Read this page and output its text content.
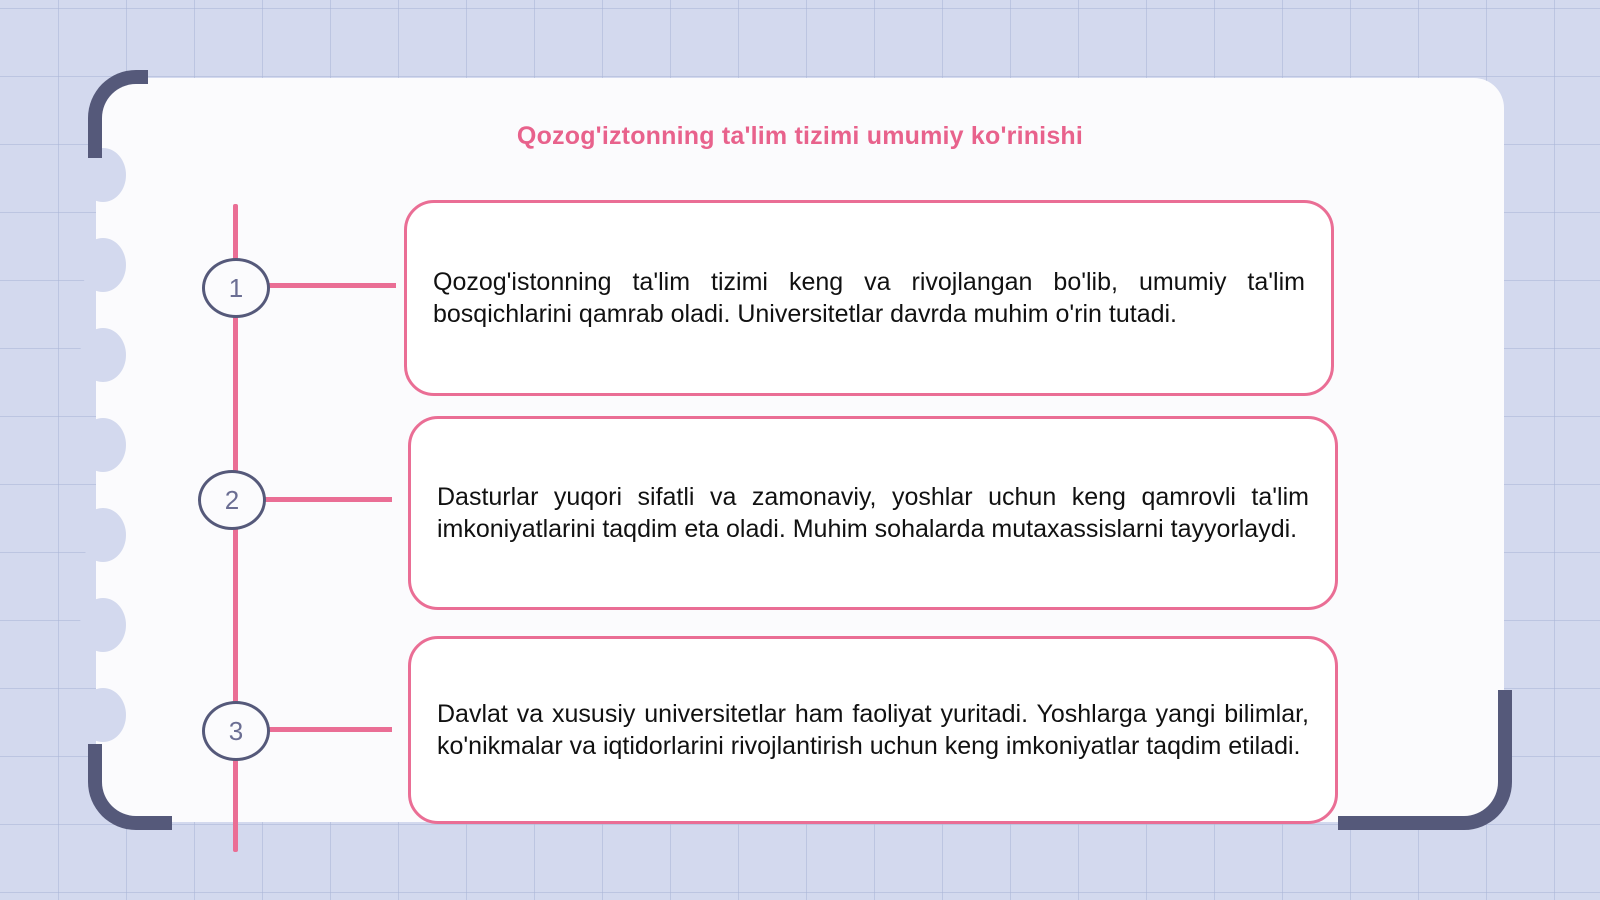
Qozog'iztonning ta'lim tizimi umumiy ko'rinishi
1	Qozog'istonning ta'lim tizimi keng va rivojlangan bo'lib, umumiy ta'lim bosqichlarini qamrab oladi. Universitetlar davrda muhim o'rin tutadi.

2	Dasturlar yuqori sifatli va zamonaviy, yoshlar uchun keng qamrovli ta'lim imkoniyatlarini taqdim eta oladi. Muhim sohalarda mutaxassislarni tayyorlaydi.

3

Davlat va xususiy universitetlar ham faoliyat yuritadi. Yoshlarga yangi bilimlar, ko'nikmalar va iqtidorlarini rivojlantirish uchun keng imkoniyatlar taqdim etiladi.
